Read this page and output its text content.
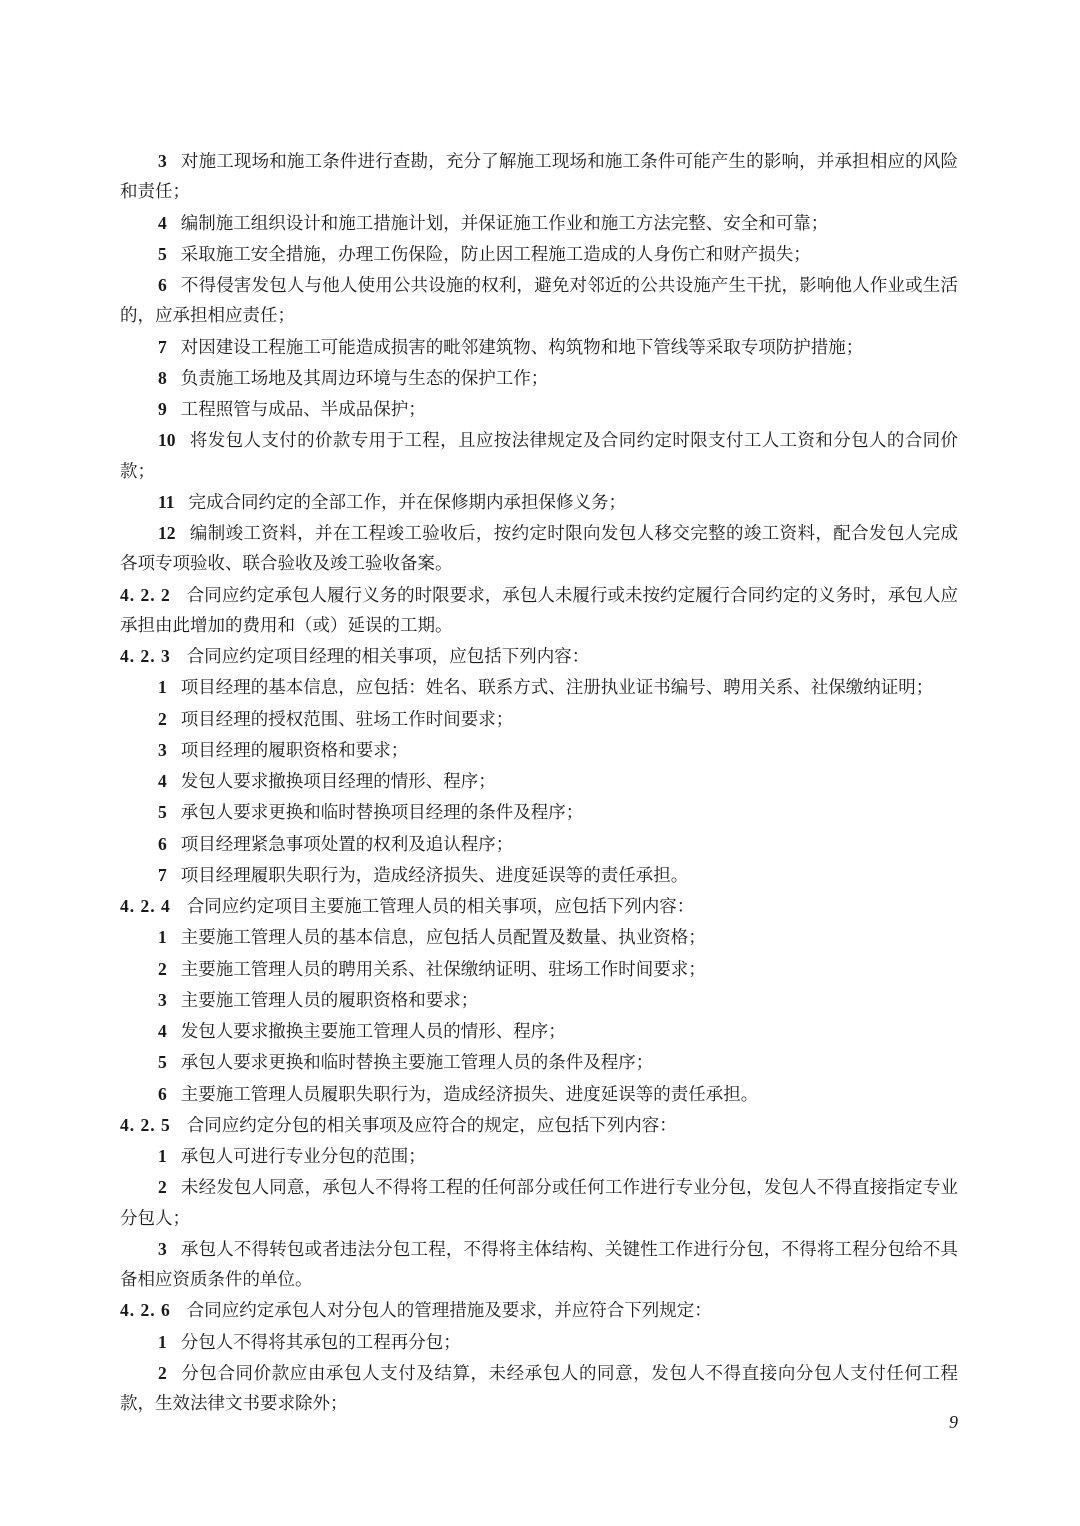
3 对施工现场和施工条件进行查勘，充分了解施工现场和施工条件可能产生的影响，并承担相应的风险和责任；

4 编制施工组织设计和施工措施计划，并保证施工作业和施工方法完整、安全和可靠；

5 采取施工安全措施，办理工伤保险，防止因工程施工造成的人身伤亡和财产损失；

6 不得侵害发包人与他人使用公共设施的权利，避免对邻近的公共设施产生干扰，影响他人作业或生活的，应承担相应责任；

7 对因建设工程施工可能造成损害的毗邻建筑物、构筑物和地下管线等采取专项防护措施；

8 负责施工场地及其周边环境与生态的保护工作；

9 工程照管与成品、半成品保护；

10 将发包人支付的价款专用于工程，且应按法律规定及合同约定时限支付工人工资和分包人的合同价款；

11 完成合同约定的全部工作，并在保修期内承担保修义务；

12 编制竣工资料，并在工程竣工验收后，按约定时限向发包人移交完整的竣工资料，配合发包人完成各项专项验收、联合验收及竣工验收备案。

4. 2. 2 合同应约定承包人履行义务的时限要求，承包人未履行或未按约定履行合同约定的义务时，承包人应承担由此增加的费用和（或）延误的工期。

4. 2. 3 合同应约定项目经理的相关事项，应包括下列内容：

1 项目经理的基本信息，应包括：姓名、联系方式、注册执业证书编号、聘用关系、社保缴纳证明；

2 项目经理的授权范围、驻场工作时间要求；

3 项目经理的履职资格和要求；

4 发包人要求撤换项目经理的情形、程序；

5 承包人要求更换和临时替换项目经理的条件及程序；

6 项目经理紧急事项处置的权利及追认程序；

7 项目经理履职失职行为，造成经济损失、进度延误等的责任承担。

4. 2. 4 合同应约定项目主要施工管理人员的相关事项，应包括下列内容：

1 主要施工管理人员的基本信息，应包括人员配置及数量、执业资格；

2 主要施工管理人员的聘用关系、社保缴纳证明、驻场工作时间要求；

3 主要施工管理人员的履职资格和要求；

4 发包人要求撤换主要施工管理人员的情形、程序；

5 承包人要求更换和临时替换主要施工管理人员的条件及程序；

6 主要施工管理人员履职失职行为，造成经济损失、进度延误等的责任承担。

4. 2. 5 合同应约定分包的相关事项及应符合的规定，应包括下列内容：

1 承包人可进行专业分包的范围；

2 未经发包人同意，承包人不得将工程的任何部分或任何工作进行专业分包，发包人不得直接指定专业分包人；

3 承包人不得转包或者违法分包工程，不得将主体结构、关键性工作进行分包，不得将工程分包给不具备相应资质条件的单位。

4. 2. 6 合同应约定承包人对分包人的管理措施及要求，并应符合下列规定：

1 分包人不得将其承包的工程再分包；

2 分包合同价款应由承包人支付及结算，未经承包人的同意，发包人不得直接向分包人支付任何工程款，生效法律文书要求除外；

9
